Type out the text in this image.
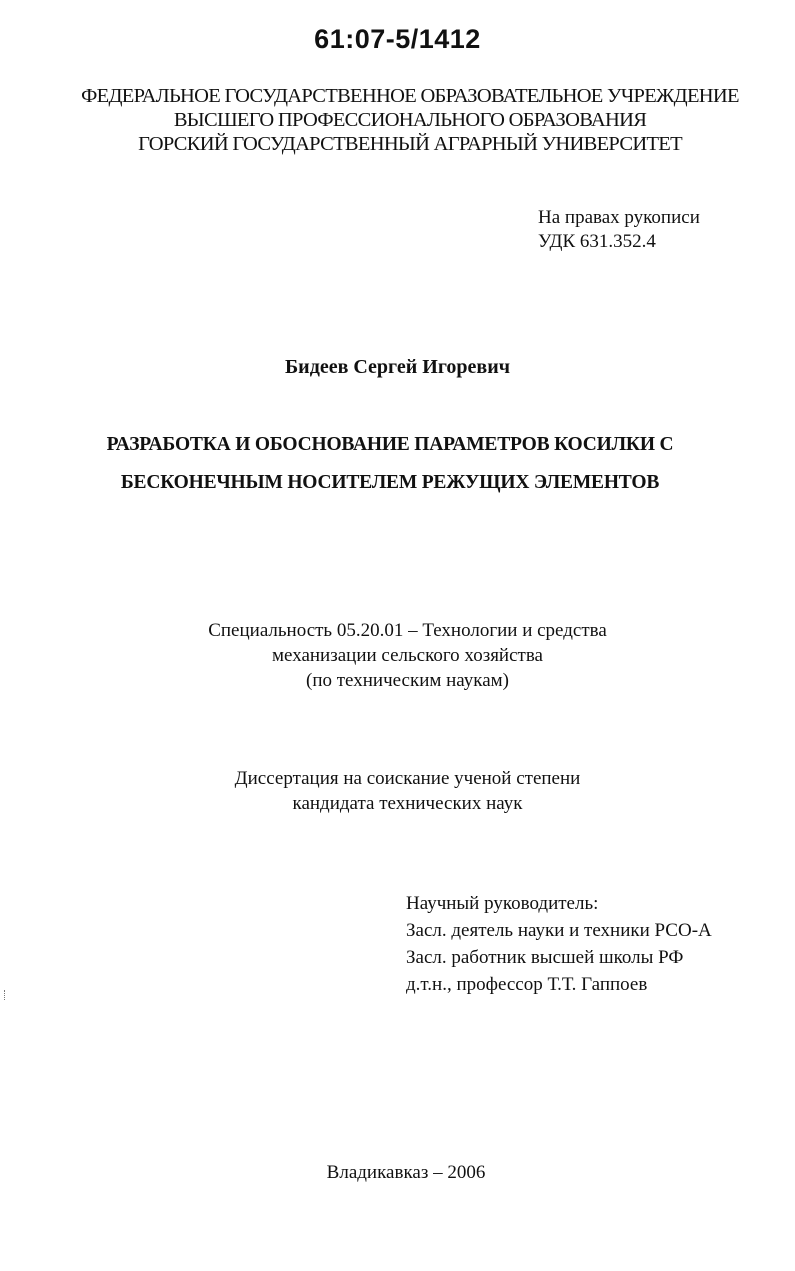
61:07-5/1412
ФЕДЕРАЛЬНОЕ ГОСУДАРСТВЕННОЕ ОБРАЗОВАТЕЛЬНОЕ УЧРЕЖДЕНИЕ
ВЫСШЕГО ПРОФЕССИОНАЛЬНОГО ОБРАЗОВАНИЯ
ГОРСКИЙ ГОСУДАРСТВЕННЫЙ АГРАРНЫЙ УНИВЕРСИТЕТ
На правах рукописи
УДК 631.352.4
Бидеев Сергей Игоревич
РАЗРАБОТКА И ОБОСНОВАНИЕ ПАРАМЕТРОВ КОСИЛКИ С
БЕСКОНЕЧНЫМ НОСИТЕЛЕМ РЕЖУЩИХ ЭЛЕМЕНТОВ
Специальность 05.20.01 – Технологии и средства
механизации сельского хозяйства
(по техническим наукам)
Диссертация на соискание ученой степени
кандидата технических наук
Научный руководитель:
Засл. деятель науки и техники РСО-А
Засл. работник высшей школы РФ
д.т.н., профессор Т.Т. Гаппоев
Владикавказ – 2006
